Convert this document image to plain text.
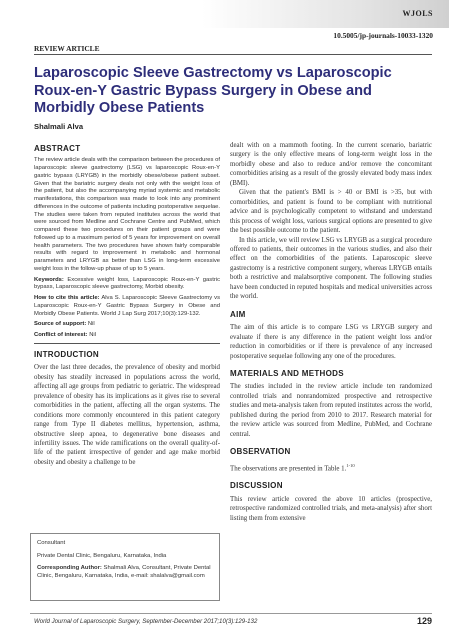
WJOLS
10.5005/jp-journals-10033-1320
REVIEW ARTICLE
Laparoscopic Sleeve Gastrectomy vs Laparoscopic
Roux-en-Y Gastric Bypass Surgery in Obese and
Morbidly Obese Patients
Shalmali Alva
ABSTRACT

The review article deals with the comparison between the procedures of laparoscopic sleeve gastrectomy (LSG) vs laparoscopic Roux-en-Y gastric bypass (LRYGB) in the morbidly obese/obese patient subset. Given that the bariatric surgery deals not only with the weight loss of the patient, but also the accompanying myriad systemic and metabolic manifestations, this comparison was made to look into any prominent differences in the outcome of patients including postoperative sequelae. The studies were taken from reputed institutes across the world that were sourced from Medline and Cochrane Centre and PubMed, which compared these two procedures on their patient groups and were followed up to a maximum period of 5 years for improvement on overall health parameters. The two procedures have shown fairly comparable results with regard to improvement in metabolic and hormonal parameters and LRYGB as better than LSG in long-term excessive weight loss in the follow-up phase of up to 5 years.

Keywords: Excessive weight loss, Laparoscopic Roux-en-Y gastric bypass, Laparoscopic sleeve gastrectomy, Morbid obesity.

How to cite this article: Alva S. Laparoscopic Sleeve Gastrectomy vs Laparoscopic Roux-en-Y Gastric Bypass Surgery in Obese and Morbidly Obese Patients. World J Lap Surg 2017;10(3):129-132.

Source of support: Nil

Conflict of interest: Nil

INTRODUCTION

Over the last three decades, the prevalence of obesity and morbid obesity has steadily increased in populations across the world, affecting all age groups from pediatric to geriatric. The widespread prevalence of obesity has its implications as it gives rise to several comorbidities in the patient, affecting all the organ systems. The conditions more commonly encountered in this patient category range from Type II diabetes mellitus, hypertension, asthma, obstructive sleep apnea, to degenerative bone diseases and infertility issues. The wide ramifications on the overall quality-of-life of the patient irrespective of gender and age make morbid obesity and obesity a challenge to be

dealt with on a mammoth footing. In the current scenario, bariatric surgery is the only effective means of long-term weight loss in the morbidly obese and also to reduce and/or remove the concomitant comorbidities arising as a result of the grossly elevated body mass index (BMI).

Given that the patient's BMI is > 40 or BMI is >35, but with comorbidities, and patient is found to be compliant with nutritional advice and is psychologically competent to withstand and understand this process of weight loss, various surgical options are presented to give the best possible outcome to the patient.

In this article, we will review LSG vs LRYGB as a surgical procedure offered to patients, their outcomes in the various studies, and also their effect on the comorbidities of the patients. Laparoscopic sleeve gastrectomy is a restrictive component surgery, whereas LRYGB entails both a restrictive and malabsorptive component. The following studies have been conducted in reputed hospitals and medical universities across the world.

AIM

The aim of this article is to compare LSG vs LRYGB surgery and evaluate if there is any difference in the patient weight loss and/or reduction in comorbidities or if there is prevalence of any increased postoperative sequelae following any one of the procedures.

MATERIALS AND METHODS

The studies included in the review article include ten randomized controlled trials and nonrandomized prospective and retrospective studies and meta-analysis taken from reputed institutes across the world, published during the period from 2010 to 2017. Research material for the review article was sourced from Medline, PubMed, and Cochrane central.

OBSERVATION

The observations are presented in Table 1.$^{1-10}$

DISCUSSION

This review article covered the above 10 articles (prospective, retrospective randomized controlled trials, and meta-analysis) after short listing them from extensive

Consultant

Private Dental Clinic, Bengaluru, Karnataka, India

Corresponding Author: Shalmali Alva, Consultant, Private Dental Clinic, Bengaluru, Karnataka, India, e-mail: shalalva@gmail.com

World Journal of Laparoscopic Surgery, September-December 2017;10(3):129-132	129
